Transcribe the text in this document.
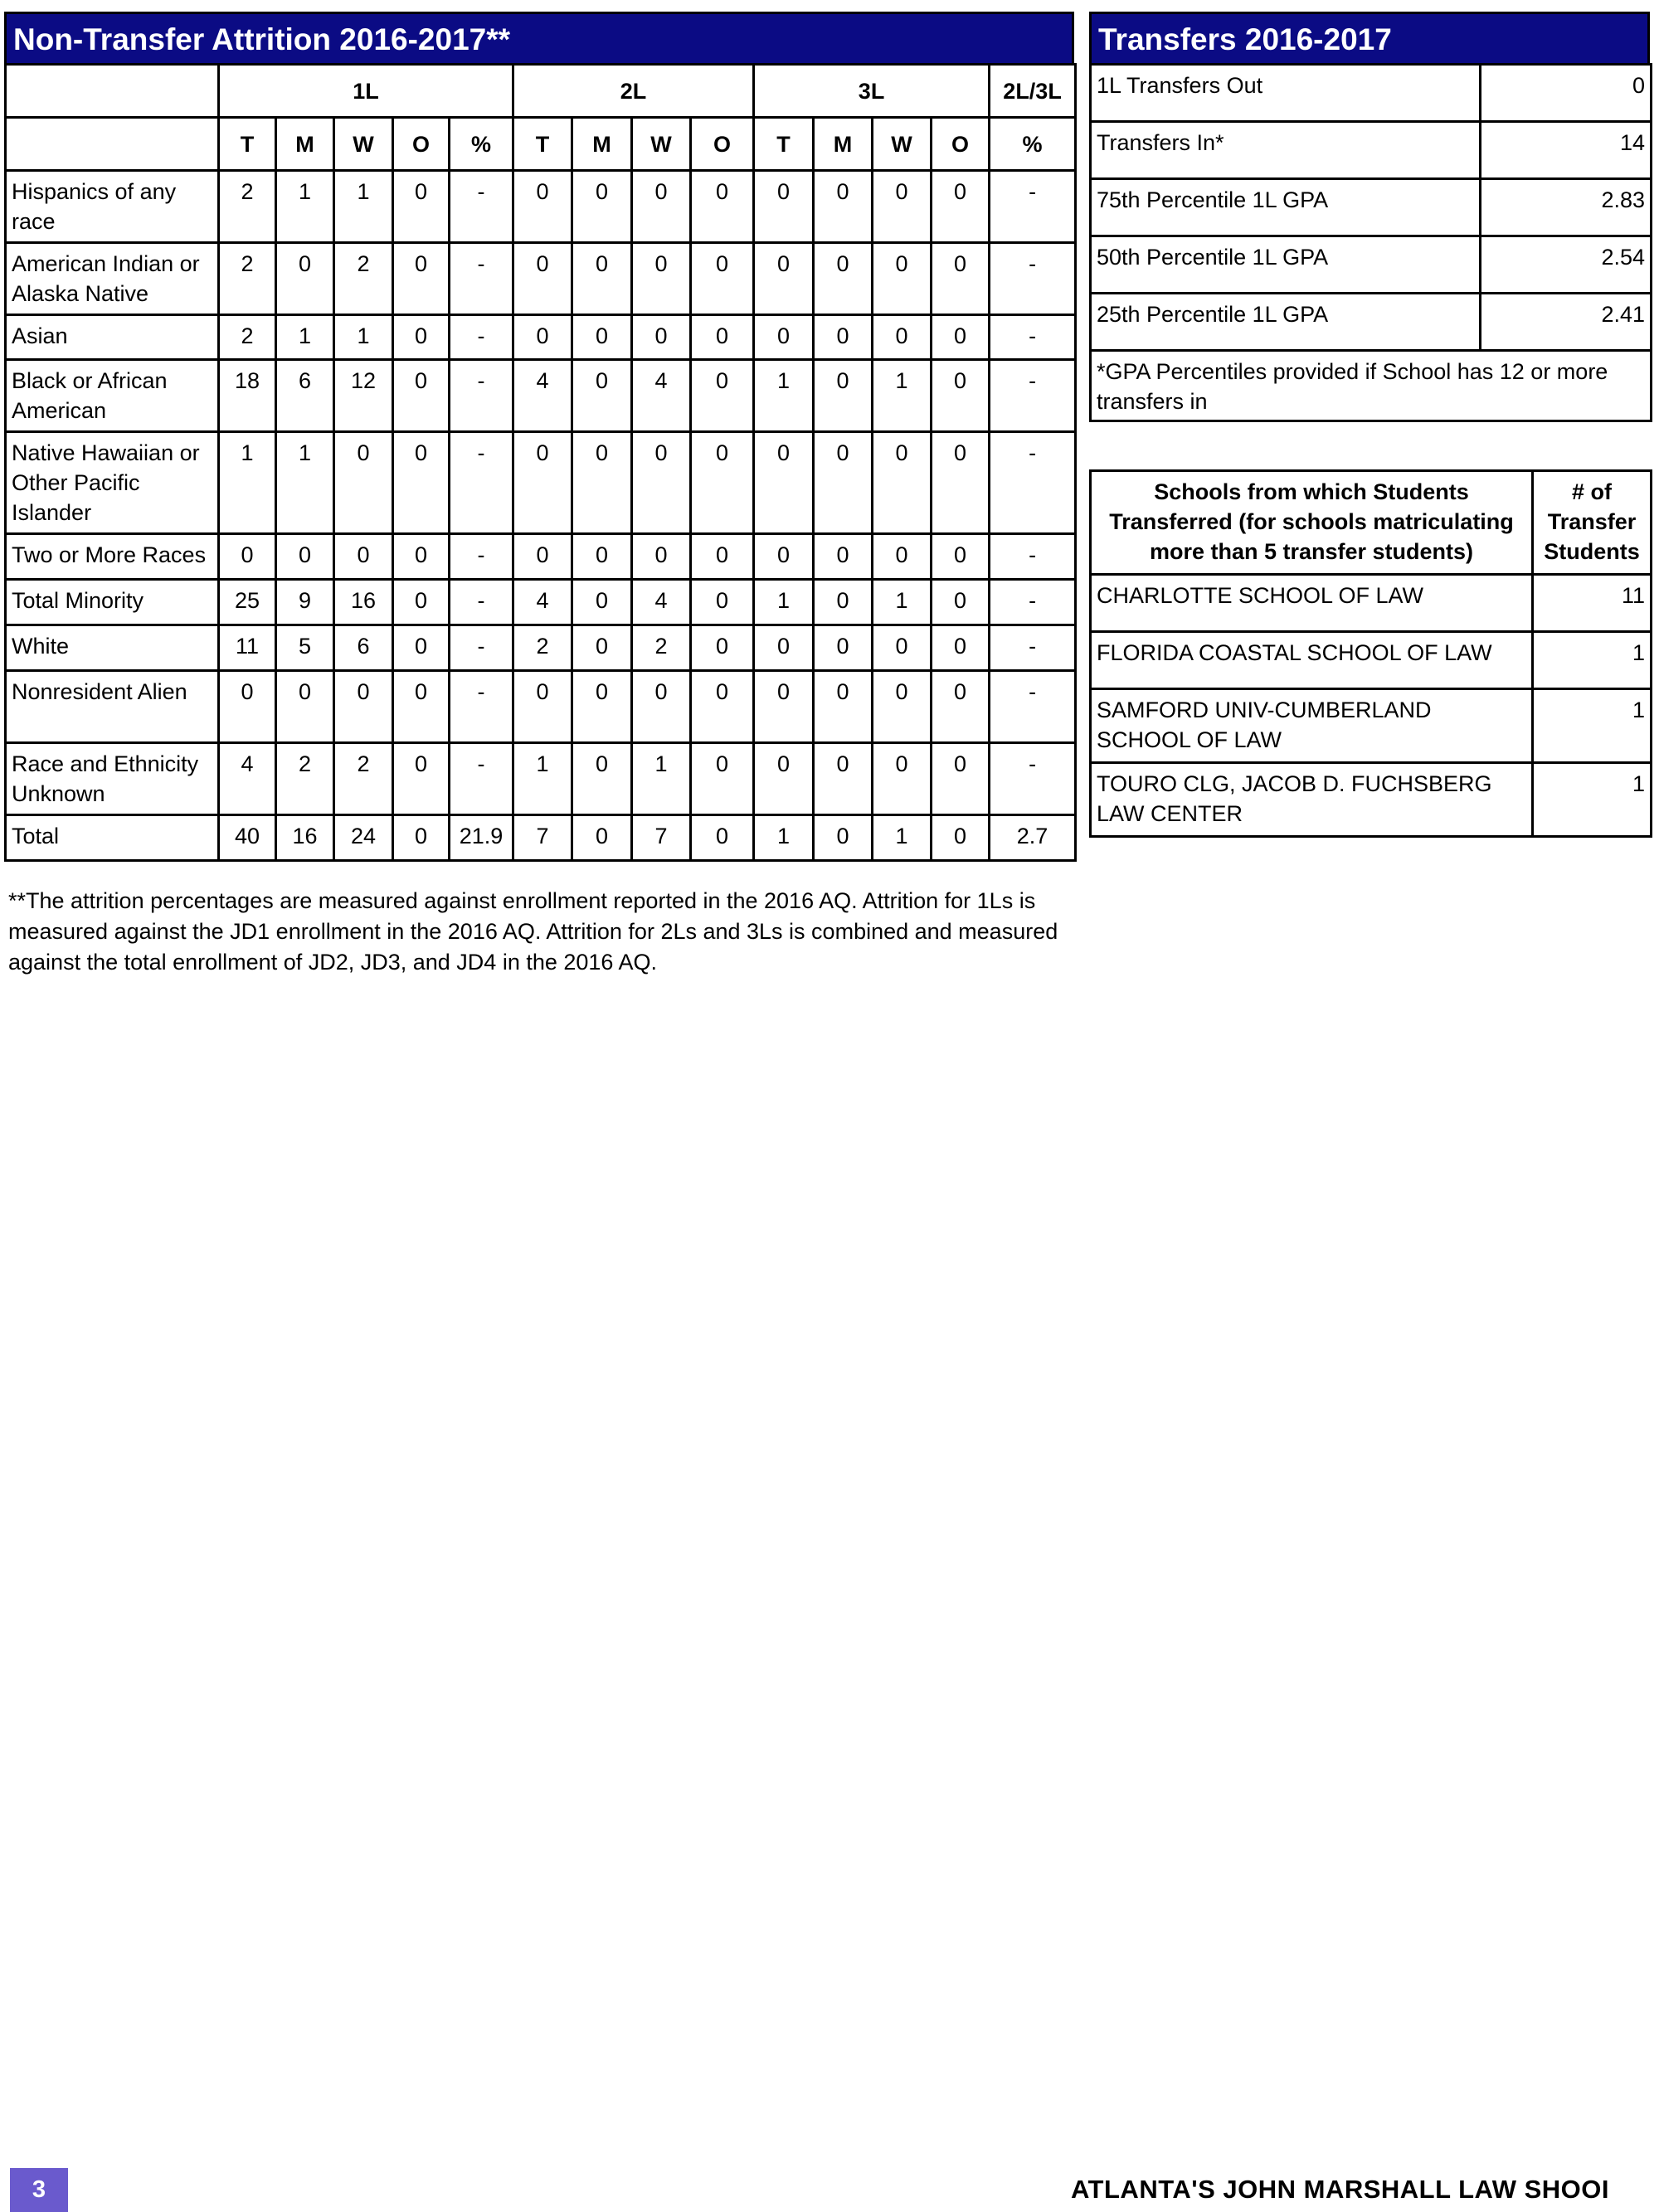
Non-Transfer Attrition 2016-2017**
	1L					2L				3L				2L/3L
	T	M	W	O	%	T	M	W	O	T	M	W	O	%
Hispanics of any race	2	1	1	0	-	0	0	0	0	0	0	0	0	-
American Indian or Alaska Native	2	0	2	0	-	0	0	0	0	0	0	0	0	-
Asian	2	1	1	0	-	0	0	0	0	0	0	0	0	-
Black or African American	18	6	12	0	-	4	0	4	0	1	0	1	0	-
Native Hawaiian or Other Pacific Islander	1	1	0	0	-	0	0	0	0	0	0	0	0	-
Two or More Races	0	0	0	0	-	0	0	0	0	0	0	0	0	-
Total Minority	25	9	16	0	-	4	0	4	0	1	0	1	0	-
White	11	5	6	0	-	2	0	2	0	0	0	0	0	-
Nonresident Alien	0	0	0	0	-	0	0	0	0	0	0	0	0	-
Race and Ethnicity Unknown	4	2	2	0	-	1	0	1	0	0	0	0	0	-
Total	40	16	24	0	21.9	7	0	7	0	1	0	1	0	2.7
**The attrition percentages are measured against enrollment reported in the 2016 AQ. Attrition for 1Ls is measured against the JD1 enrollment in the 2016 AQ. Attrition for 2Ls and 3Ls is combined and measured against the total enrollment of JD2, JD3, and JD4 in the 2016 AQ.
Transfers 2016-2017
1L Transfers Out	0
Transfers In*	14
75th Percentile 1L GPA	2.83
50th Percentile 1L GPA	2.54
25th Percentile 1L GPA	2.41
*GPA Percentiles provided if School has 12 or more transfers in	
Schools from which Students Transferred (for schools matriculating more than 5 transfer students)	# of Transfer Students
CHARLOTTE SCHOOL OF LAW	11
FLORIDA COASTAL SCHOOL OF LAW	1
SAMFORD UNIV-CUMBERLAND SCHOOL OF LAW	1
TOURO CLG, JACOB D. FUCHSBERG LAW CENTER	1
3	ATLANTA'S JOHN MARSHALL LAW SHOOI
